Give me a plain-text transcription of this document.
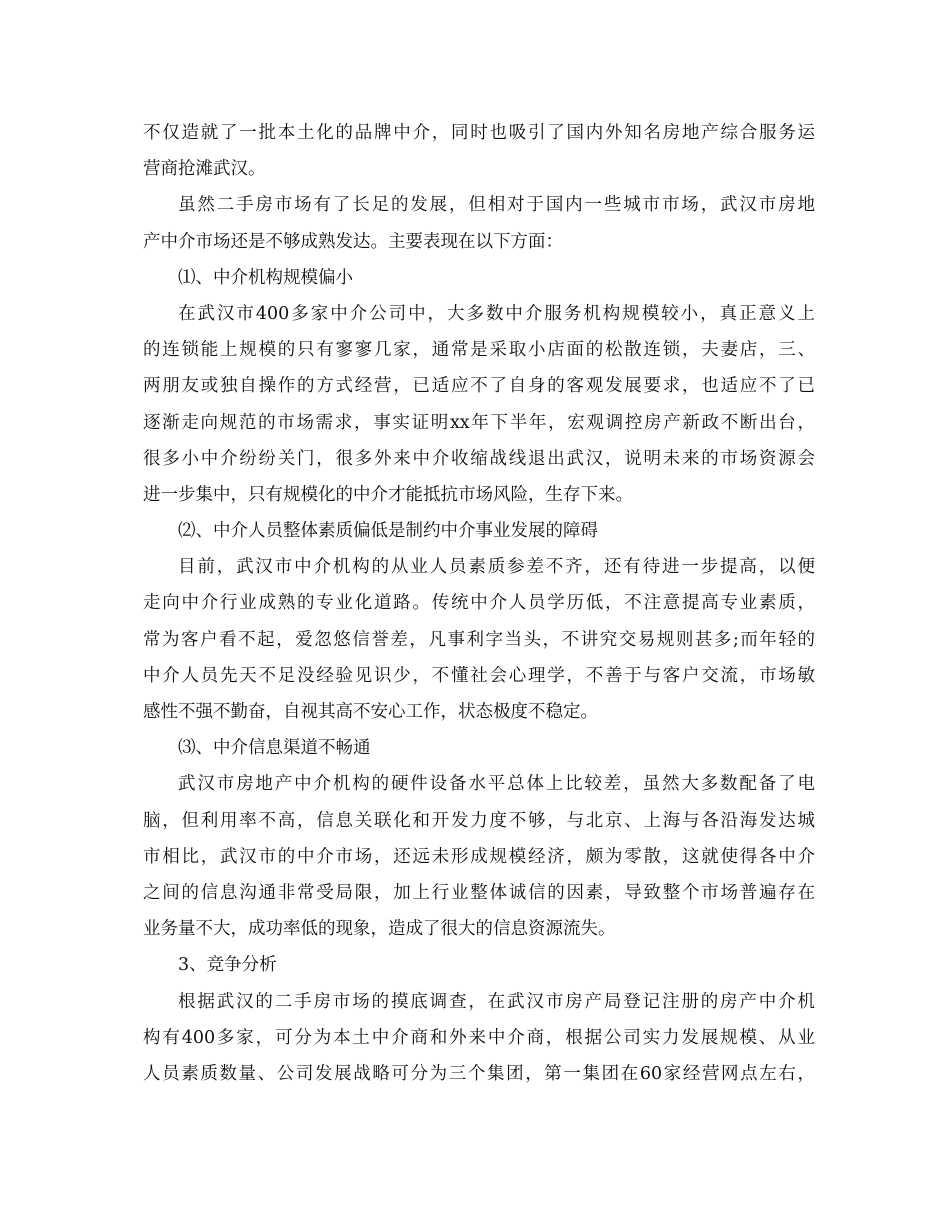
不仅造就了一批本土化的品牌中介，同时也吸引了国内外知名房地产综合服务运
营商抢滩武汉。
虽然二手房市场有了长足的发展，但相对于国内一些城市市场，武汉市房地
产中介市场还是不够成熟发达。主要表现在以下方面：
⑴、中介机构规模偏小
在武汉市400多家中介公司中，大多数中介服务机构规模较小，真正意义上
的连锁能上规模的只有寥寥几家，通常是采取小店面的松散连锁，夫妻店，三、
两朋友或独自操作的方式经营，已适应不了自身的客观发展要求，也适应不了已
逐渐走向规范的市场需求，事实证明xx年下半年，宏观调控房产新政不断出台，
很多小中介纷纷关门，很多外来中介收缩战线退出武汉，说明未来的市场资源会
进一步集中，只有规模化的中介才能抵抗市场风险，生存下来。
⑵、中介人员整体素质偏低是制约中介事业发展的障碍
目前，武汉市中介机构的从业人员素质参差不齐，还有待进一步提高，以便
走向中介行业成熟的专业化道路。传统中介人员学历低，不注意提高专业素质，
常为客户看不起，爱忽悠信誉差，凡事利字当头，不讲究交易规则甚多;而年轻的
中介人员先天不足没经验见识少，不懂社会心理学，不善于与客户交流，市场敏
感性不强不勤奋，自视其高不安心工作，状态极度不稳定。
⑶、中介信息渠道不畅通
武汉市房地产中介机构的硬件设备水平总体上比较差，虽然大多数配备了电
脑，但利用率不高，信息关联化和开发力度不够，与北京、上海与各沿海发达城
市相比，武汉市的中介市场，还远未形成规模经济，颇为零散，这就使得各中介
之间的信息沟通非常受局限，加上行业整体诚信的因素，导致整个市场普遍存在
业务量不大，成功率低的现象，造成了很大的信息资源流失。
3、竞争分析
根据武汉的二手房市场的摸底调查，在武汉市房产局登记注册的房产中介机
构有400多家，可分为本土中介商和外来中介商，根据公司实力发展规模、从业
人员素质数量、公司发展战略可分为三个集团，第一集团在60家经营网点左右，
